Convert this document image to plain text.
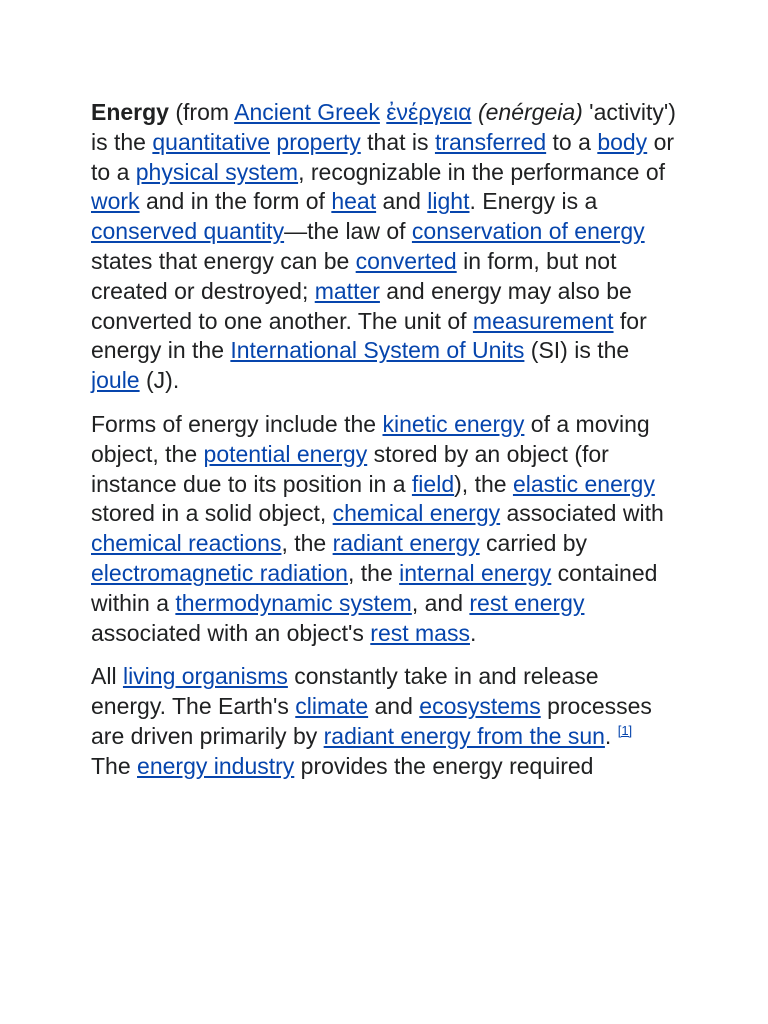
Energy (from Ancient Greek ἐνέργεια (enérgeia) 'activity') is the quantitative property that is transferred to a body or to a physical system, recognizable in the performance of work and in the form of heat and light. Energy is a conserved quantity—the law of conservation of energy states that energy can be converted in form, but not created or destroyed; matter and energy may also be converted to one another. The unit of measurement for energy in the International System of Units (SI) is the joule (J).

Forms of energy include the kinetic energy of a moving object, the potential energy stored by an object (for instance due to its position in a field), the elastic energy stored in a solid object, chemical energy associated with chemical reactions, the radiant energy carried by electromagnetic radiation, the internal energy contained within a thermodynamic system, and rest energy associated with an object's rest mass.

All living organisms constantly take in and release energy. The Earth's climate and ecosystems processes are driven primarily by radiant energy from the sun. [1] The energy industry provides the energy required
